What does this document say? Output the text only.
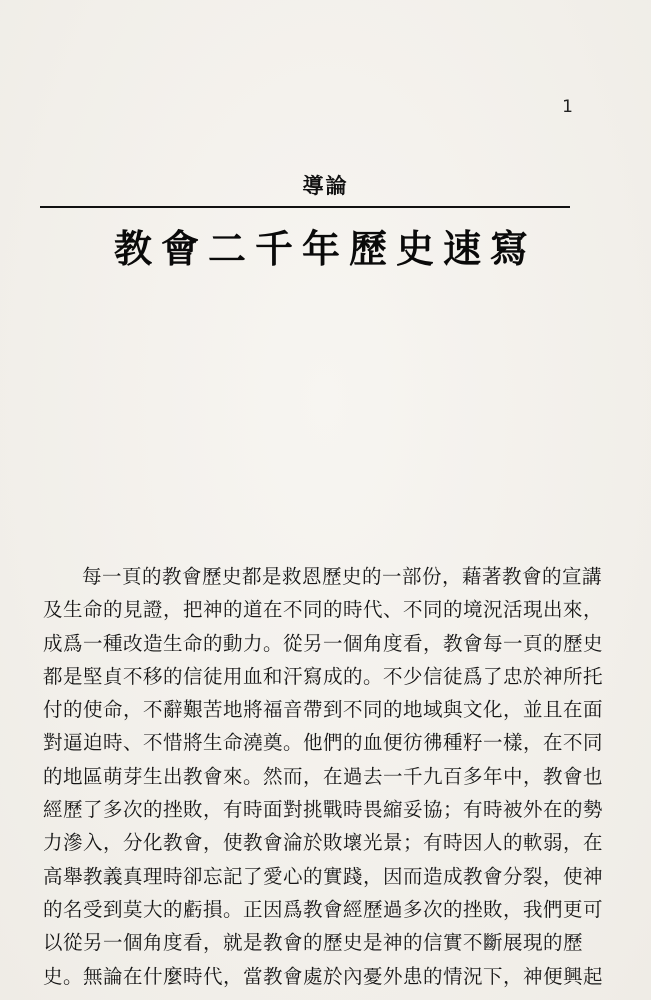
1
導論
教會二千年歷史速寫
每一頁的教會歷史都是救恩歷史的一部份，藉著教會的宣講
及生命的見證，把神的道在不同的時代、不同的境況活現出來，
成爲一種改造生命的動力。從另一個角度看，教會每一頁的歷史
都是堅貞不移的信徒用血和汗寫成的。不少信徒爲了忠於神所托
付的使命，不辭艱苦地將福音帶到不同的地域與文化，並且在面
對逼迫時、不惜將生命澆奠。他們的血便彷彿種籽一樣，在不同
的地區萌芽生出教會來。然而，在過去一千九百多年中，教會也
經歷了多次的挫敗，有時面對挑戰時畏縮妥協；有時被外在的勢
力滲入，分化教會，使教會淪於敗壞光景；有時因人的軟弱，在
高舉教義真理時卻忘記了愛心的實踐，因而造成教會分裂，使神
的名受到莫大的虧損。正因爲教會經歷過多次的挫敗，我們更可
以從另一個角度看，就是教會的歷史是神的信實不斷展現的歷
史。無論在什麼時代，當教會處於內憂外患的情況下，神便興起
